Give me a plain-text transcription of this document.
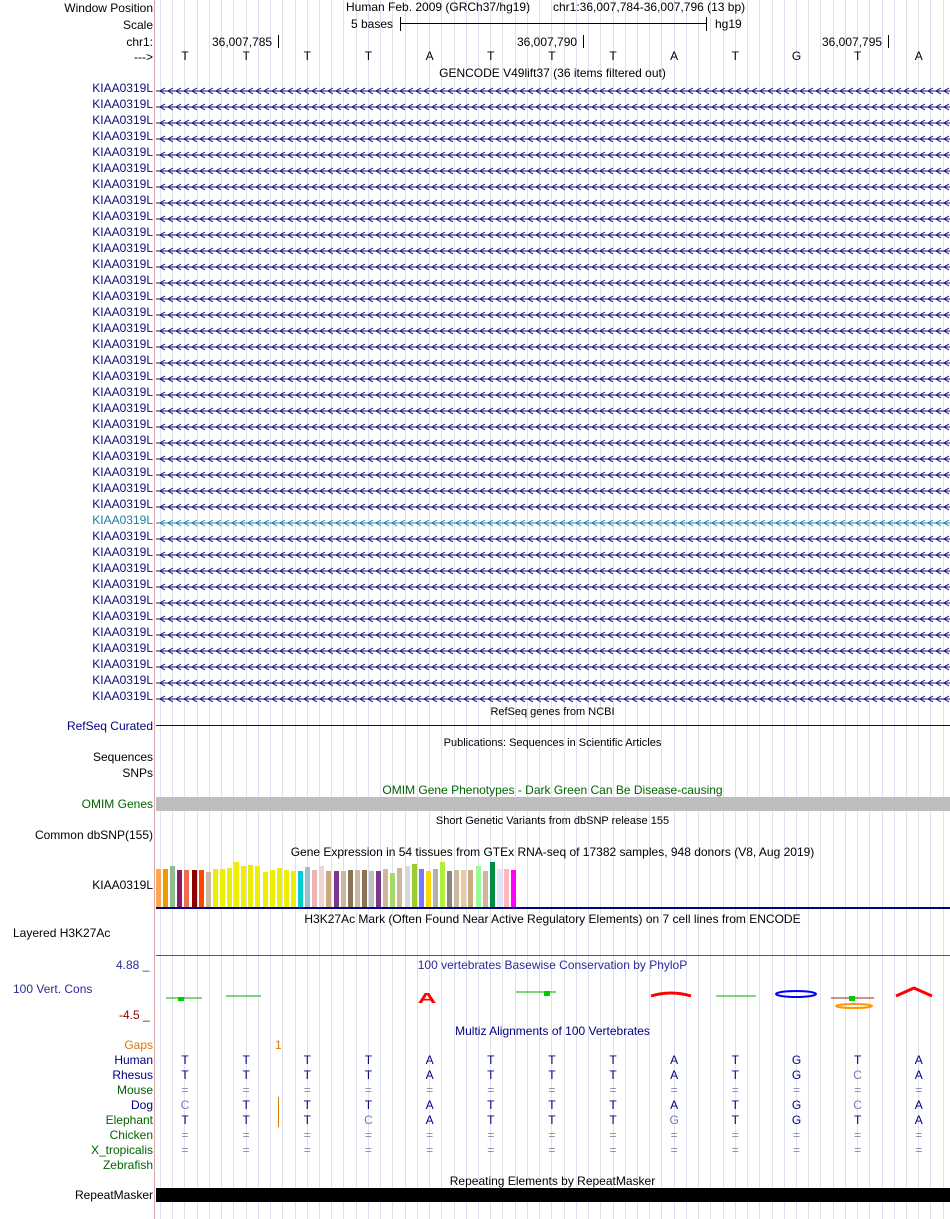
Window Position	Human Feb. 2009 (GRCh37/hg19) chr1:36,007,784-36,007,796 (13 bp)
Scale	5 bases	hg19
chr1:	36,007,785	36,007,790	36,007,795
---> T	T	T	T	A	T	T	T	A	T	G	T	A
GENCODE V49lift37 (36 items filtered out)
KIAA0319L
KIAA0319L
KIAA0319L
KIAA0319L
KIAA0319L
KIAA0319L
KIAA0319L
KIAA0319L
KIAA0319L
KIAA0319L
KIAA0319L
KIAA0319L
KIAA0319L
KIAA0319L
KIAA0319L
KIAA0319L
KIAA0319L
KIAA0319L
KIAA0319L
KIAA0319L
KIAA0319L
KIAA0319L
KIAA0319L
KIAA0319L
KIAA0319L
KIAA0319L
KIAA0319L
KIAA0319L
KIAA0319L
KIAA0319L
KIAA0319L
KIAA0319L
KIAA0319L
KIAA0319L
KIAA0319L
KIAA0319L
KIAA0319L
KIAA0319L
KIAA0319L
RefSeq genes from NCBI
RefSeq Curated
Publications: Sequences in Scientific Articles
Sequences
SNPs
OMIM Gene Phenotypes - Dark Green Can Be Disease-causing
OMIM Genes
Short Genetic Variants from dbSNP release 155
Common dbSNP(155)
Gene Expression in 54 tissues from GTEx RNA-seq of 17382 samples, 948 donors (V8, Aug 2019)
KIAA0319L
H3K27Ac Mark (Often Found Near Active Regulatory Elements) on 7 cell lines from ENCODE
Layered H3K27Ac
100 vertebrates Basewise Conservation by PhyloP
4.88 _
100 Vert. Cons
-4.5 _
A
Multiz Alignments of 100 Vertebrates
Gaps	1
Human T	T	T	T	A	T	T	T	A	T	G	T	A
Rhesus T	T	T	T	A	T	T	T	A	T	G	C	A
Mouse =	=	=	=	=	=	=	=	=	=	=	=	=
Dog C	T	T	T	A	T	T	T	A	T	G	C	A
Elephant T	T	T	C	A	T	T	T	G	T	G	T	A
Chicken =	=	=	=	=	=	=	=	=	=	=	=	=
X_tropicalis =	=	=	=	=	=	=	=	=	=	=	=	=
Zebrafish
Repeating Elements by RepeatMasker
RepeatMasker
